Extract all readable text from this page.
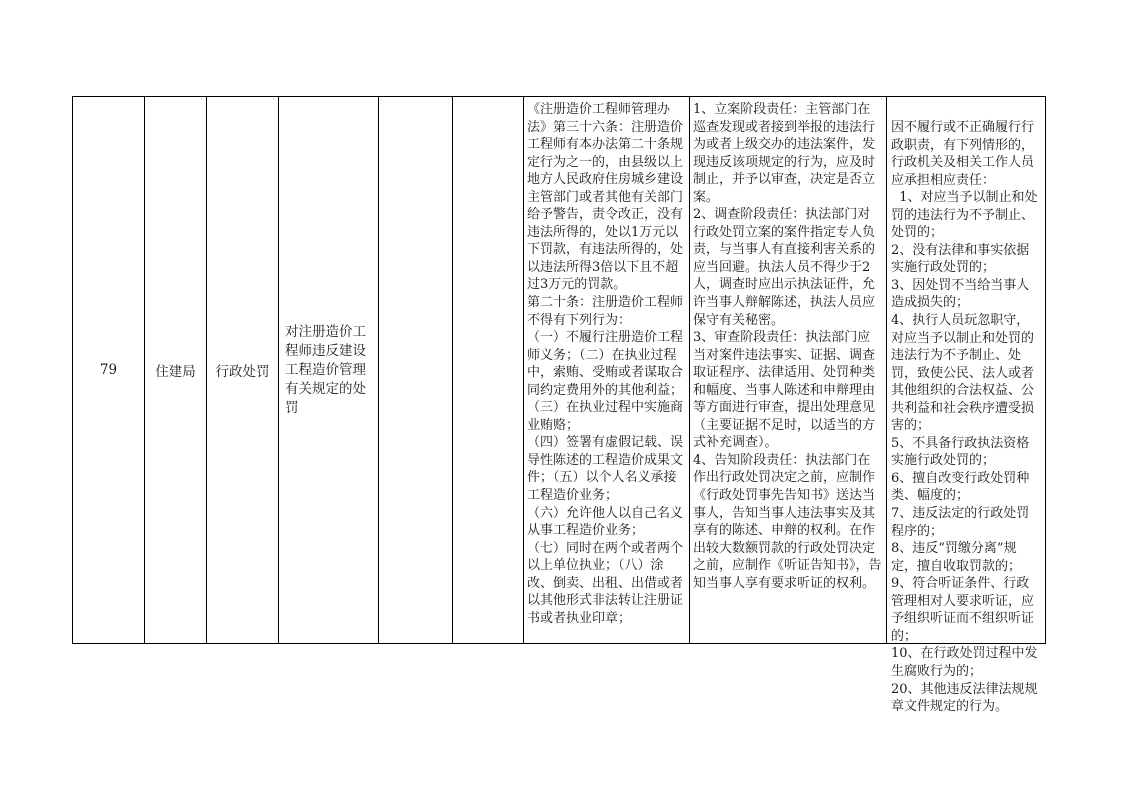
79	住建局 行政处罚

对注册造价工程师违反建设工程造价管理有关规定的处罚

《注册造价工程师管理办法》第三十六条：注册造价工程师有本办法第二十条规定行为之一的，由县级以上地方人民政府住房城乡建设主管部门或者其他有关部门给予警告，责令改正，没有违法所得的，处以1万元以下罚款，有违法所得的，处以违法所得3倍以下且不超过3万元的罚款。

第二十条：注册造价工程师不得有下列行为：

（一）不履行注册造价工程师义务；（二）在执业过程中，索贿、受贿或者谋取合同约定费用外的其他利益；（三）在执业过程中实施商业贿赂；

（四）签署有虚假记载、误导性陈述的工程造价成果文件；（五）以个人名义承接工程造价业务；

（六）允许他人以自己名义从事工程造价业务；

（七）同时在两个或者两个以上单位执业；（八）涂改、倒卖、出租、出借或者以其他形式非法转让注册证书或者执业印章；

1、立案阶段责任：主管部门在巡查发现或者接到举报的违法行为或者上级交办的违法案件，发现违反该项规定的行为，应及时制止，并予以审查，决定是否立案。

2、调查阶段责任：执法部门对行政处罚立案的案件指定专人负责，与当事人有直接利害关系的应当回避。执法人员不得少于2人，调查时应出示执法证件，允许当事人辩解陈述，执法人员应保守有关秘密。

3、审查阶段责任：执法部门应当对案件违法事实、证据、调查取证程序、法律适用、处罚种类和幅度、当事人陈述和申辩理由等方面进行审查，提出处理意见（主要证据不足时，以适当的方式补充调查）。

4、告知阶段责任：执法部门在作出行政处罚决定之前，应制作《行政处罚事先告知书》送达当事人，告知当事人违法事实及其享有的陈述、申辩的权利。在作出较大数额罚款的行政处罚决定之前，应制作《听证告知书》，告知当事人享有要求听证的权利。

因不履行或不正确履行行政职责，有下列情形的，行政机关及相关工作人员应承担相应责任：

1、对应当予以制止和处罚的违法行为不予制止、处罚的；

2、没有法律和事实依据实施行政处罚的；

3、因处罚不当给当事人造成损失的；

4、执行人员玩忽职守，对应当予以制止和处罚的违法行为不予制止、处罚，致使公民、法人或者其他组织的合法权益、公共利益和社会秩序遭受损害的；

5、不具备行政执法资格实施行政处罚的；

6、擅自改变行政处罚种类、幅度的；

7、违反法定的行政处罚程序的；

8、违反“罚缴分离”规定，擅自收取罚款的；

9、符合听证条件、行政管理相对人要求听证，应予组织听证而不组织听证的；

10、在行政处罚过程中发生腐败行为的；

20、其他违反法律法规规章文件规定的行为。
